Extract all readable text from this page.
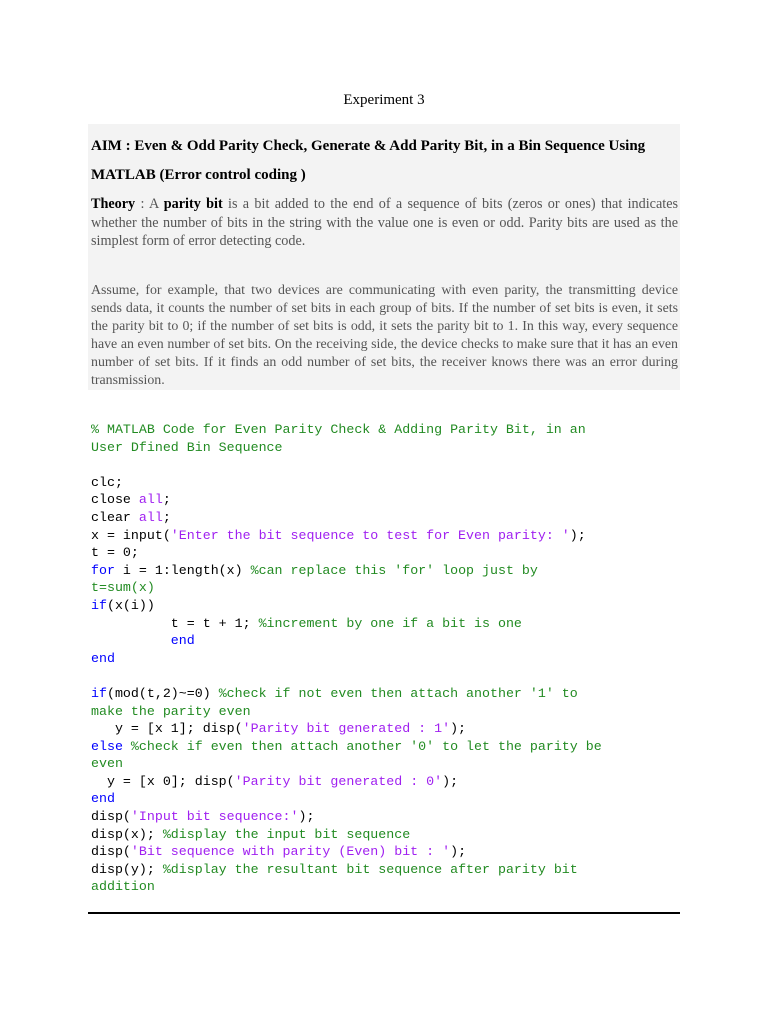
Experiment 3
AIM : Even & Odd Parity Check, Generate & Add Parity Bit, in a Bin Sequence Using
MATLAB (Error control coding )
Theory : A parity bit is a bit added to the end of a sequence of bits (zeros or ones) that indicates whether the number of bits in the string with the value one is even or odd. Parity bits are used as the simplest form of error detecting code.
Assume, for example, that two devices are communicating with even parity, the transmitting device sends data, it counts the number of set bits in each group of bits. If the number of set bits is even, it sets the parity bit to 0; if the number of set bits is odd, it sets the parity bit to 1. In this way, every sequence have an even number of set bits. On the receiving side, the device checks to make sure that it has an even number of set bits. If it finds an odd number of set bits, the receiver knows there was an error during transmission.
% MATLAB Code for Even Parity Check & Adding Parity Bit, in an
User Dfined Bin Sequence
clc;
close all;
clear all;
x = input('Enter the bit sequence to test for Even parity: ');
t = 0;
for i = 1:length(x) %can replace this 'for' loop just by
t=sum(x)
if(x(i))
t = t + 1; %increment by one if a bit is one
end
end
if(mod(t,2)~=0) %check if not even then attach another '1' to
make the parity even
y = [x 1]; disp('Parity bit generated : 1');
else %check if even then attach another '0' to let the parity be
even
y = [x 0]; disp('Parity bit generated : 0');
end
disp('Input bit sequence:');
disp(x); %display the input bit sequence
disp('Bit sequence with parity (Even) bit : ');
disp(y); %display the resultant bit sequence after parity bit
addition
